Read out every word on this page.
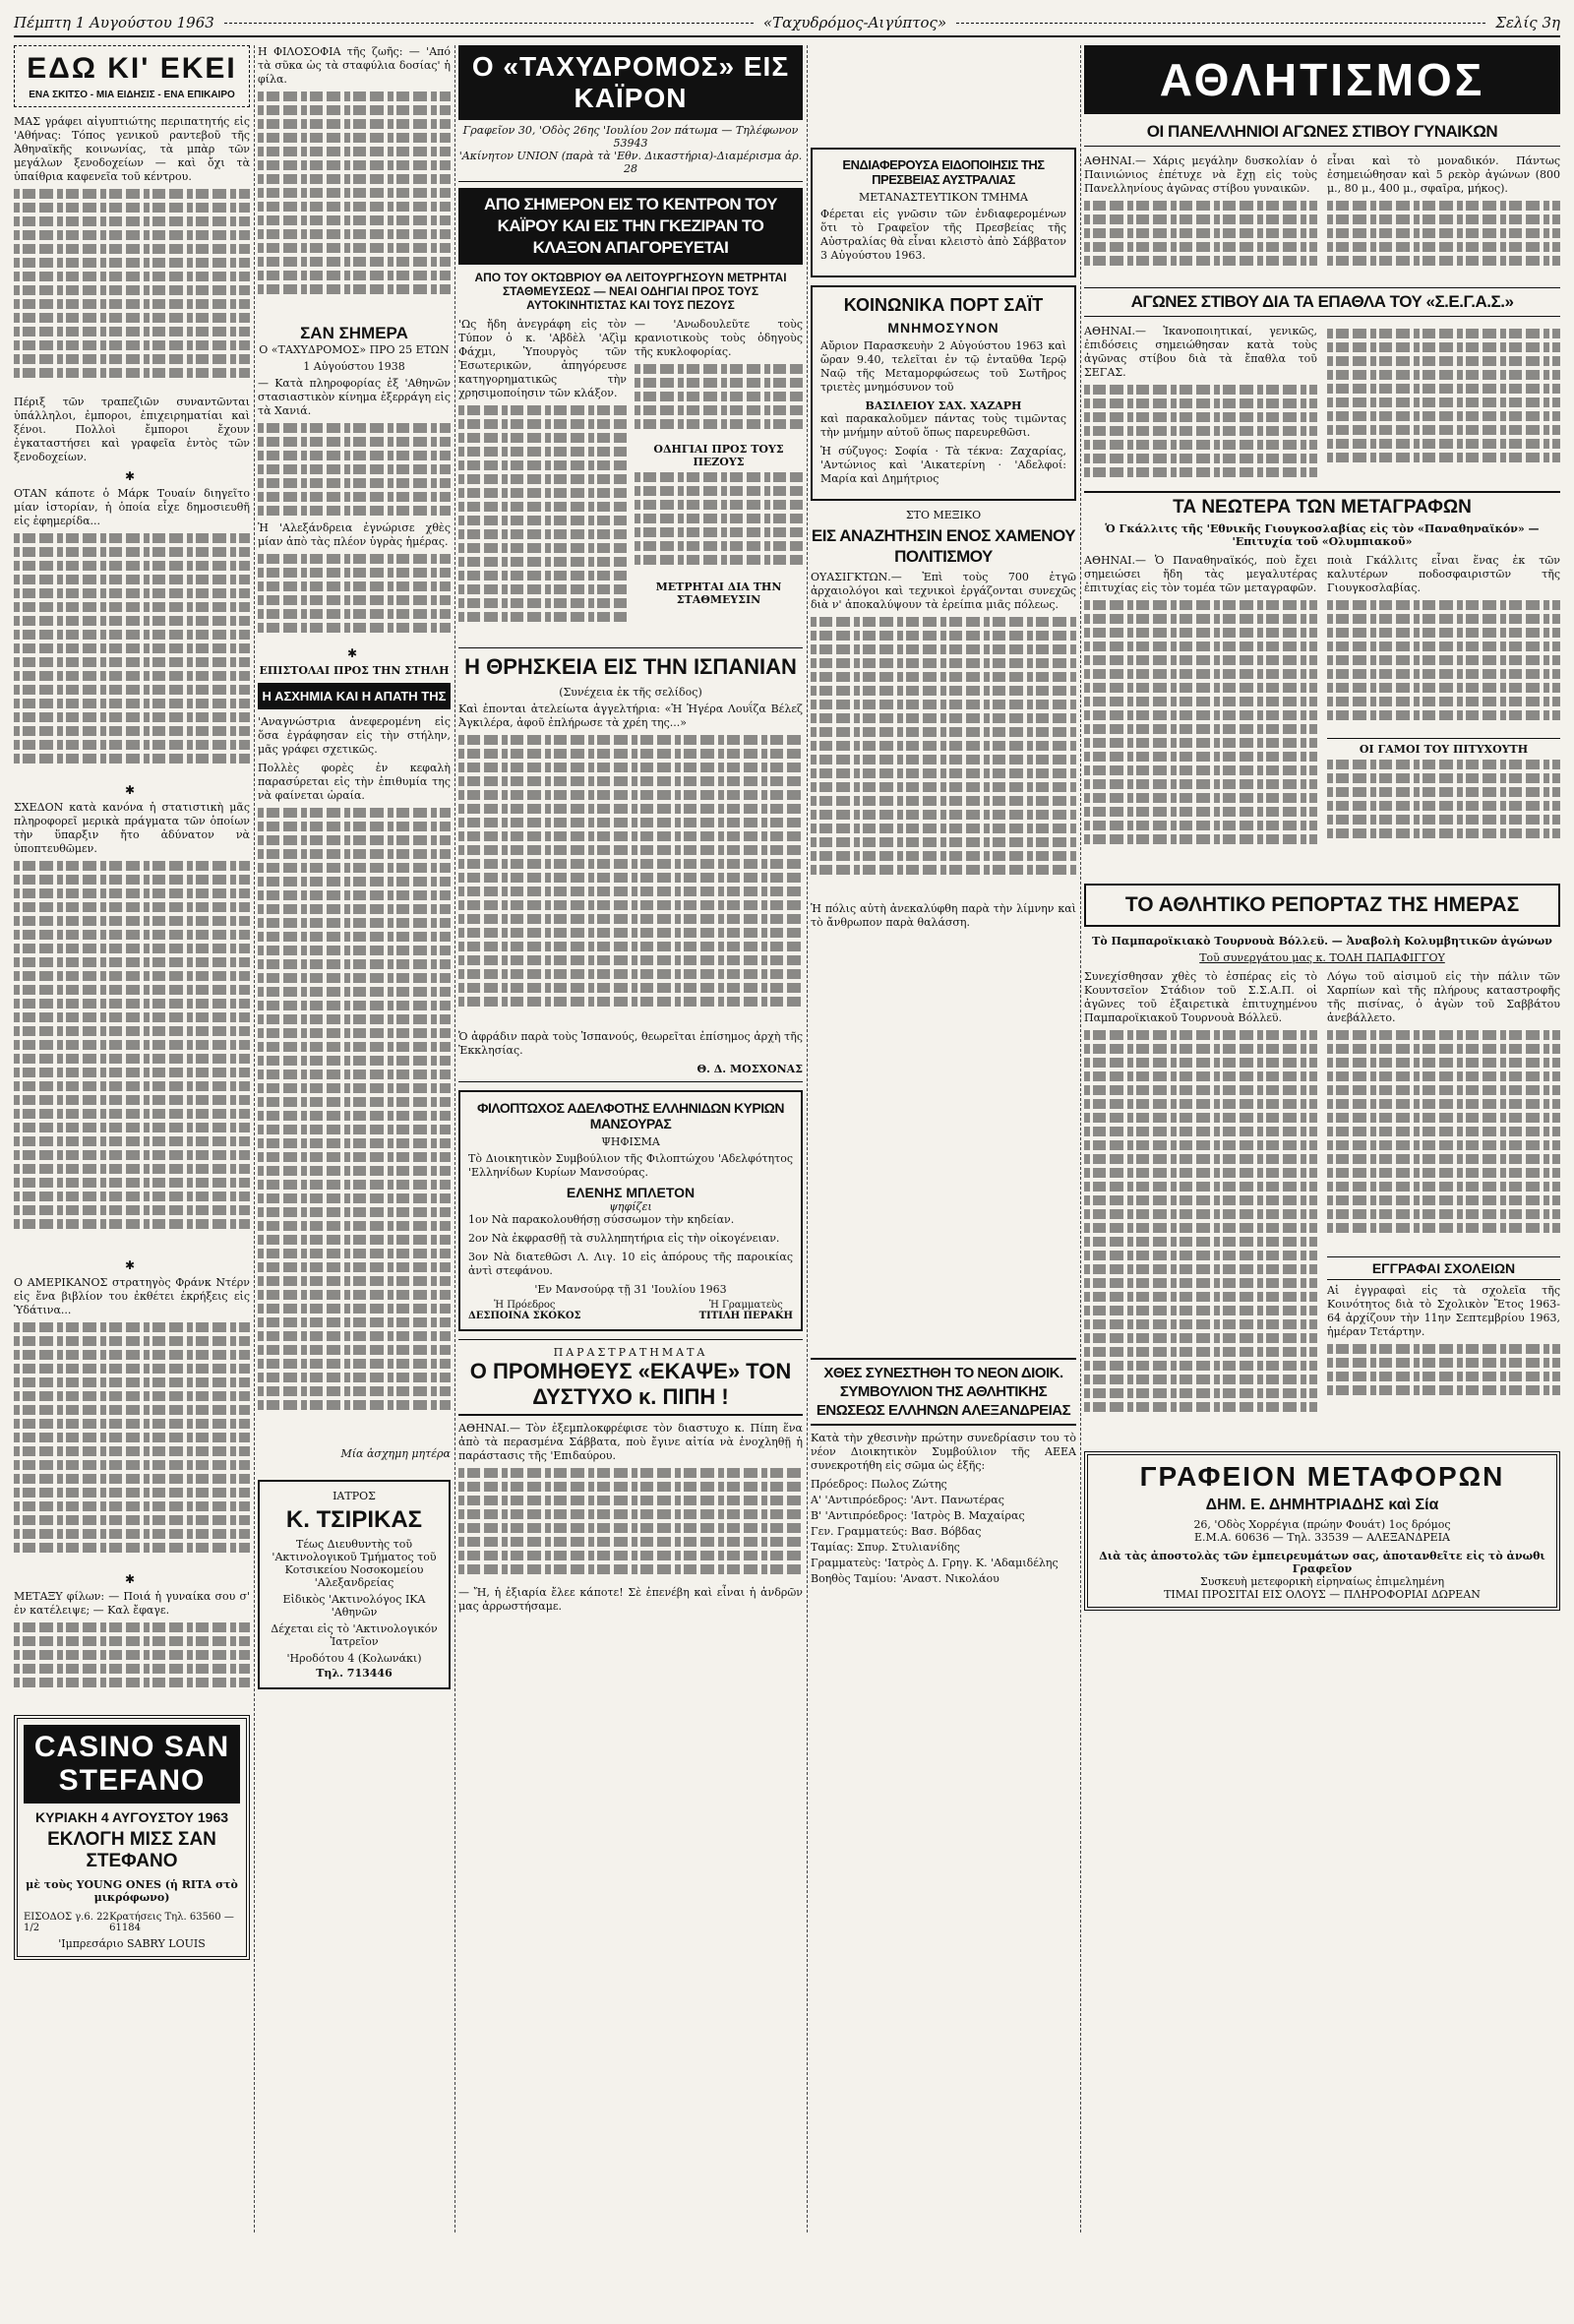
Πέμπτη 1 Αυγούστου 1963	«Ταχυδρόμος-Αιγύπτος»	Σελίς 3η
ΕΔΩ ΚΙ' ΕΚΕΙ
ΕΝΑ ΣΚΙΤΣΟ - ΜΙΑ ΕΙΔΗΣΙΣ - ΕΝΑ ΕΠΙΚΑΙΡΟ

ΜΑΣ γράφει αἰγυπτιώτης περιπατητής εἰς 'Αθήνας: Τόπος γενικοῦ ραντεβοῦ τῆς Ἀθηναϊκῆς κοινωνίας, τὰ μπὰρ τῶν μεγάλων ξενοδοχείων — καὶ ὄχι τὰ ὑπαίθρια καφενεῖα τοῦ κέντρου.

Πέριξ τῶν τραπεζιῶν συναντῶνται ὑπάλληλοι, ἐμποροι, ἐπιχειρηματίαι καὶ ξένοι. Πολλοὶ ἔμποροι ἔχουν ἐγκαταστήσει καὶ γραφεῖα ἐντὸς τῶν ξενοδοχείων.

✱

ΟΤΑΝ κάποτε ὁ Μάρκ Τουαίν διηγεῖτο μίαν ἱστορίαν, ἡ ὁποία εἶχε δημοσιευθῆ εἰς ἐφημερίδα...

✱

ΣΧΕΔΟΝ κατὰ κανόνα ἡ στατιστικὴ μᾶς πληροφορεῖ μερικὰ πράγματα τῶν ὁποίων τὴν ὕπαρξιν ἤτο ἀδύνατον νὰ ὑποπτευθῶμεν.

✱

Ο ΑΜΕΡΙΚΑΝΟΣ στρατηγὸς Φράνκ Ντέρν εἰς ἕνα βιβλίον του ἐκθέτει ἐκρήξεις εἰς Ὑδάτινα...

✱

ΜΕΤΑΞΥ φίλων: — Ποιά ἡ γυναίκα σου σ' ἐν κατέλειψε; — Καλ ἔφαγε.

CASINO SAN STEFANO
ΚΥΡΙΑΚΗ 4 ΑΥΓΟΥΣΤΟΥ 1963
ΕΚΛΟΓΗ ΜΙΣΣ ΣΑΝ ΣΤΕΦΑΝΟ
μὲ τοὺς YOUNG ONES (ἡ RITA στὸ μικρόφωνο)
ΕΙΣΟΔΟΣ γ.6. 22 1/2
Κρατήσεις Τηλ. 63560 — 61184
'Ιμπρεσάριο SABRY LOUIS

Η ΦΙΛΟΣΟΦΙΑ τῆς ζωῆς: — 'Από τὰ σῦκα ὡς τὰ σταφύλια δοσίας' ἡ φίλα.

ΣΑΝ ΣΗΜΕΡΑ
Ο «ΤΑΧΥΔΡΟΜΟΣ» ΠΡΟ 25 ΕΤΩΝ
1 Αὐγούστου 1938

— Κατὰ πληροφορίας ἐξ 'Αθηνῶν στασιαστικὸν κίνημα ἐξερράγη εἰς τὰ Χανιά.

Ἡ 'Αλεξάνδρεια ἐγνώρισε χθὲς μίαν ἀπὸ τὰς πλέον ὑγρὰς ἡμέρας.

✱
ΕΠΙΣΤΟΛΑΙ ΠΡΟΣ ΤΗΝ ΣΤΗΛΗ
Η ΑΣΧΗΜΙΑ ΚΑΙ Η ΑΠΑΤΗ ΤΗΣ

'Αναγνώστρια ἀνεφερομένη εἰς ὅσα ἐγράφησαν εἰς τὴν στήλην, μᾶς γράφει σχετικῶς.

Πολλὲς φορὲς ἐν κεφαλὴ παρασύρεται εἰς τὴν ἐπιθυμία της νὰ φαίνεται ὡραία.

Μία ἀσχημη μητέρα
ΙΑΤΡΟΣ
Κ. ΤΣΙΡΙΚΑΣ
Τέως Διευθυντὴς τοῦ 'Ακτινολογικοῦ Τμήματος τοῦ Κοτσικείου Νοσοκομείου 'Αλεξανδρείας
Εἰδικὸς 'Ακτινολόγος ΙΚΑ 'Αθηνῶν
Δέχεται εἰς τὸ 'Ακτινολογικόν Ἰατρεῖον
'Ηροδότου 4 (Κολωνάκι)
Τηλ. 713446
Ο «ΤΑΧΥΔΡΟΜΟΣ» ΕΙΣ ΚΑΪΡΟΝ
Γραφεῖον 30, 'Οδὸς 26ης 'Ιουλίου 2ον πάτωμα — Τηλέφωνον 53943
'Ακίνητον UNION (παρὰ τὰ 'Εθν. Δικαστήρια)-Διαμέρισμα ἀρ. 28
ΑΠΟ ΣΗΜΕΡΟΝ ΕΙΣ ΤΟ ΚΕΝΤΡΟΝ ΤΟΥ ΚΑΪΡΟΥ ΚΑΙ ΕΙΣ ΤΗΝ ΓΚΕΖΙΡΑΝ ΤΟ ΚΛΑΞΟΝ ΑΠΑΓΟΡΕΥΕΤΑΙ
ΑΠΟ ΤΟΥ ΟΚΤΩΒΡΙΟΥ ΘΑ ΛΕΙΤΟΥΡΓΗΣΟΥΝ ΜΕΤΡΗΤΑΙ ΣΤΑΘΜΕΥΣΕΩΣ — ΝΕΑΙ ΟΔΗΓΙΑΙ ΠΡΟΣ ΤΟΥΣ ΑΥΤΟΚΙΝΗΤΙΣΤΑΣ ΚΑΙ ΤΟΥΣ ΠΕΖΟΥΣ

'Ως ἤδη ἀνεγράφη εἰς τὸν Τύπον ὁ κ. 'Αβδὲλ 'Αζὶμ Φάχμι, Ὑπουργὸς τῶν Ἐσωτερικῶν, ἀπηγόρευσε κατηγορηματικῶς τὴν χρησιμοποίησιν τῶν κλάξον.

— 'Ανωδουλεῦτε τοὺς κρανιοτικοὺς τοὺς ὁδηγοὺς τῆς κυκλοφορίας.

ΟΔΗΓΙΑΙ ΠΡΟΣ ΤΟΥΣ ΠΕΖΟΥΣ
ΜΕΤΡΗΤΑΙ ΔΙΑ ΤΗΝ ΣΤΑΘΜΕΥΣΙΝ
Η ΘΡΗΣΚΕΙΑ ΕΙΣ ΤΗΝ ΙΣΠΑΝΙΑΝ
(Συνέχεια ἐκ τῆς σελίδος)

Καὶ ἐπονται ἀτελείωτα ἀγγελτήρια: «Ἡ Ἡγέρα Λουΐζα Βέλεζ Ἀγκιλέρα, ἀφοῦ ἐπλήρωσε τὰ χρέη της...»

Ὁ ἀφράδιν παρὰ τοὺς Ἰσπανούς, θεωρεῖται ἐπίσημος ἀρχὴ τῆς Ἐκκλησίας.

Θ. Δ. ΜΟΣΧΟΝΑΣ
ΦΙΛΟΠΤΩΧΟΣ ΑΔΕΛΦΟΤΗΣ ΕΛΛΗΝΙΔΩΝ ΚΥΡΙΩΝ ΜΑΝΣΟΥΡΑΣ
ΨΗΦΙΣΜΑ

Τὸ Διοικητικὸν Συμβούλιον τῆς Φιλοπτώχου 'Αδελφότητος 'Ελληνίδων Κυρίων Μανσούρας.

ΕΛΕΝΗΣ ΜΠΛΕΤΟΝ
ψηφίζει

1ον Νὰ παρακολουθήσῃ σύσσωμον τὴν κηδείαν.

2ον Νὰ ἐκφρασθῇ τὰ συλληπητήρια εἰς τὴν οἰκογένειαν.

3ον Νὰ διατεθῶσι Λ. Λιγ. 10 εἰς ἀπόρους τῆς παροικίας ἀντὶ στεφάνου.

'Εν Μανσούρᾳ τῇ 31 'Ιουλίου 1963
Ἡ Πρόεδρος
ΔΕΣΠΟΙΝΑ ΣΚΟΚΟΣ
Ἡ Γραμματεὺς
ΤΙΤΙΛΗ ΠΕΡΑΚΗ
ΠΑΡΑΣΤΡΑΤΗΜΑΤΑ
Ο ΠΡΟΜΗΘΕΥΣ «ΕΚΑΨΕ» ΤΟΝ ΔΥΣΤΥΧΟ κ. ΠΙΠΗ !

ΑΘΗΝΑΙ.— Τὸν ἐξεμπλοκφρέφισε τὸν διαστυχο κ. Πίπη ἕνα ἀπὸ τὰ περασμένα Σάββατα, ποὺ ἔγινε αἰτία νὰ ἐνοχληθῇ ἡ παράστασις τῆς 'Επιδαύρου.

— Ἤ, ἡ ἐξιαρία ἔλεε κάποτε! Σὲ ἐπενέβη καὶ εἶναι ἡ ἀνδρῶν μας ἀρρωστήσαμε.

ΕΝΔΙΑΦΕΡΟΥΣΑ ΕΙΔΟΠΟΙΗΣΙΣ ΤΗΣ ΠΡΕΣΒΕΙΑΣ ΑΥΣΤΡΑΛΙΑΣ
ΜΕΤΑΝΑΣΤΕΥΤΙΚΟΝ ΤΜΗΜΑ

Φέρεται εἰς γνῶσιν τῶν ἐνδιαφερομένων ὅτι τὸ Γραφεῖον τῆς Πρεσβείας τῆς Αὐστραλίας θὰ εἶναι κλειστὸ ἀπὸ Σάββατον 3 Αὐγούστου 1963.

ΚΟΙΝΩΝΙΚΑ ΠΟΡΤ ΣΑΪΤ
ΜΝΗΜΟΣΥΝΟΝ

Αὔριον Παρασκευὴν 2 Αὐγούστου 1963 καὶ ὥραν 9.40, τελεῖται ἐν τῷ ἐνταῦθα Ἱερῷ Ναῷ τῆς Μεταμορφώσεως τοῦ Σωτῆρος τριετὲς μνημόσυνον τοῦ

ΒΑΣΙΛΕΙΟΥ ΣΑΧ. ΧΑΖΑΡΗ

καὶ παρακαλοῦμεν πάντας τοὺς τιμῶντας τὴν μνήμην αὐτοῦ ὅπως παρευρεθῶσι.

Ἡ σύζυγος: Σοφία · Τὰ τέκνα: Ζαχαρίας, 'Αντώνιος καὶ 'Αικατερίνη · 'Αδελφοί: Μαρία καὶ Δημήτριος

ΣΤΟ ΜΕΞΙΚΟ
ΕΙΣ ΑΝΑΖΗΤΗΣΙΝ ΕΝΟΣ ΧΑΜΕΝΟΥ ΠΟΛΙΤΙΣΜΟΥ

ΟΥΑΣΙΓΚΤΩΝ.— Ἐπὶ τοὺς 700 ἐτγῶ ἀρχαιολόγοι καὶ τεχνικοὶ ἐργάζονται συνεχῶς διὰ ν' ἀποκαλύψουν τὰ ἐρείπια μιᾶς πόλεως.

Ἡ πόλις αὐτὴ ἀνεκαλύφθη παρὰ τὴν λίμνην καὶ τὸ ἄνθρωπον παρὰ θαλάσση.

ΧΘΕΣ ΣΥΝΕΣΤΗΘΗ ΤΟ ΝΕΟΝ ΔΙΟΙΚ. ΣΥΜΒΟΥΛΙΟΝ ΤΗΣ ΑΘΛΗΤΙΚΗΣ ΕΝΩΣΕΩΣ ΕΛΛΗΝΩΝ ΑΛΕΞΑΝΔΡΕΙΑΣ

Κατὰ τὴν χθεσινὴν πρώτην συνεδρίασιν του τὸ νέον Διοικητικὸν Συμβούλιον τῆς ΑΕΕΑ συνεκροτήθη εἰς σῶμα ὡς ἑξῆς:

Πρόεδρος: Πωλος Ζώτης
Α' 'Αντιπρόεδρος: 'Αντ. Πανωτέρας
Β' 'Αντιπρόεδρος: 'Ιατρὸς Β. Μαχαίρας
Γεν. Γραμματεύς: Βασ. Βόβδας
Ταμίας: Σπυρ. Στυλιανίδης
Γραμματεὺς: 'Ιατρὸς Δ. Γρηγ. Κ. 'Αδαμιδέλης
Βοηθὸς Ταμίου: 'Αναστ. Νικολάου
ΑΘΛΗΤΙΣΜΟΣ
ΟΙ ΠΑΝΕΛΛΗΝΙΟΙ ΑΓΩΝΕΣ ΣΤΙΒΟΥ ΓΥΝΑΙΚΩΝ

ΑΘΗΝΑΙ.— Χάρις μεγάλην δυσκολίαν ὁ Παινιώνιος ἐπέτυχε νὰ ἔχῃ εἰς τοὺς Πανελληνίους ἀγῶνας στίβου γυναικῶν.

εἶναι καὶ τὸ μοναδικόν. Πάντως ἐσημειώθησαν καὶ 5 ρεκὸρ ἀγώνων (800 μ., 80 μ., 400 μ., σφαῖρα, μήκος).

ΑΓΩΝΕΣ ΣΤΙΒΟΥ ΔΙΑ ΤΑ ΕΠΑΘΛΑ ΤΟΥ «Σ.Ε.Γ.Α.Σ.»

ΑΘΗΝΑΙ.— Ἱκανοποιητικαί, γενικῶς, ἐπιδόσεις σημειώθησαν κατὰ τοὺς ἀγῶνας στίβου διὰ τὰ ἔπαθλα τοῦ ΣΕΓΑΣ.

ΤΑ ΝΕΩΤΕΡΑ ΤΩΝ ΜΕΤΑΓΡΑΦΩΝ
Ὁ Γκάλλιτς τῆς 'Εθνικῆς Γιουγκοσλαβίας εἰς τὸν «Παναθηναϊκόν» — 'Επιτυχία τοῦ «Ολυμπιακοῦ»

ΑΘΗΝΑΙ.— Ὁ Παναθηναϊκός, ποὺ ἔχει σημειώσει ἤδη τὰς μεγαλυτέρας ἐπιτυχίας εἰς τὸν τομέα τῶν μεταγραφῶν.

ποιὰ Γκάλλιτς εἶναι ἕνας ἐκ τῶν καλυτέρων ποδοσφαιριστῶν τῆς Γιουγκοσλαβίας.

ΟΙ ΓΑΜΟΙ ΤΟΥ ΠΙΤΥΧΟΥΤΗ
ΤΟ ΑΘΛΗΤΙΚΟ ΡΕΠΟΡΤΑΖ ΤΗΣ ΗΜΕΡΑΣ
Τὸ Παμπαροϊκιακὸ Τουρνουὰ Βόλλεϋ. — Ἀναβολὴ Κολυμβητικῶν ἀγώνων
Τοῦ συνεργάτου μας κ. ΤΟΛΗ ΠΑΠΑΦΙΓΓΟΥ

Συνεχίσθησαν χθὲς τὸ ἑσπέρας εἰς τὸ Κουντσεῖον Στάδιον τοῦ Σ.Σ.Α.Π. οἱ ἀγῶνες τοῦ ἐξαιρετικὰ ἐπιτυχημένου Παμπαροϊκιακοῦ Τουρνουὰ Βόλλεϋ.

Λόγω τοῦ αἰσιμοῦ εἰς τὴν πάλιν τῶν Χαρπίων καὶ τῆς πλήρους καταστροφῆς τῆς πισίνας, ὁ ἀγὼν τοῦ Σαββάτου ἀνεβάλλετο.

ΕΓΓΡΑΦΑΙ ΣΧΟΛΕΙΩΝ

Αἱ ἐγγραφαὶ εἰς τὰ σχολεῖα τῆς Κοινότητος διὰ τὸ Σχολικὸν Ἔτος 1963-64 ἀρχίζουν τὴν 11ην Σεπτεμβρίου 1963, ἡμέραν Τετάρτην.

ΓΡΑΦΕΙΟΝ ΜΕΤΑΦΟΡΩΝ
ΔΗΜ. Ε. ΔΗΜΗΤΡΙΑΔΗΣ καὶ Σία
26, 'Οδὸς Χορρέγια (πρώην Φουάτ) 1ος δρόμος
Ε.Μ.Α. 60636 — Τηλ. 33539 — ΑΛΕΞΑΝΔΡΕΙΑ
Διὰ τὰς ἀποστολὰς τῶν ἐμπειρευμάτων σας, ἀποτανθεῖτε εἰς τὸ ἀνωθι Γραφεῖον
Συσκευὴ μετεφορικὴ εἰρηναίως ἐπιμελημένη
ΤΙΜΑΙ ΠΡΟΣΙΤΑΙ ΕΙΣ ΟΛΟΥΣ — ΠΛΗΡΟΦΟΡΙΑΙ ΔΩΡΕΑΝ
